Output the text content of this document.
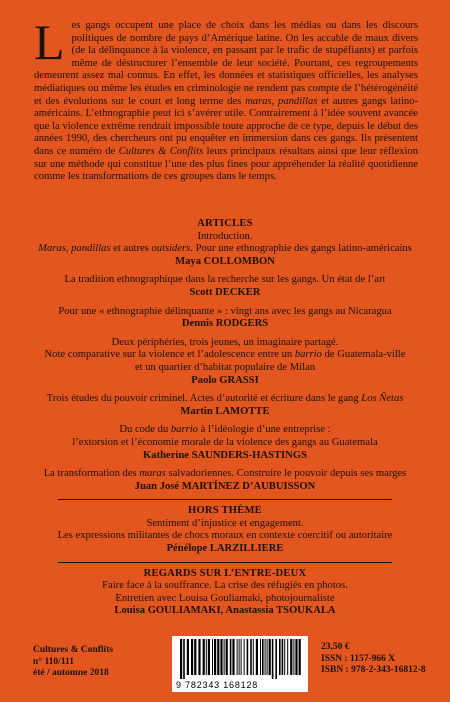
L es gangs occupent une place de choix dans les médias ou dans les discours politiques de nombre de pays d’Amérique latine. On les accable de maux divers (de la délinquance à la violence, en passant par le trafic de stupéfiants) et parfois même de déstructurer l’ensemble de leur société. Pourtant, ces regroupements demeurent assez mal connus. En effet, les données et statistiques officielles, les analyses médiatiques ou même les études en criminologie ne rendent pas compte de l’hétérogénéité et des évolutions sur le court et long terme des maras, pandillas et autres gangs latino-américains. L’ethnographie peut ici s’avérer utile. Contrairement à l’idée souvent avancée que la violence extrême rendrait impossible toute approche de ce type, depuis le début des années 1990, des chercheurs ont pu enquêter en immersion dans ces gangs. Ils présentent dans ce numéro de Cultures & Conflits leurs principaux résultats ainsi que leur réflexion sur une méthode qui constitue l’une des plus fines pour appréhender la réalité quotidienne comme les transformations de ces groupes dans le temps.

ARTICLES

Introduction.
Maras, pandillas et autres outsiders. Pour une ethnographie des gangs latino-américains
Maya COLLOMBON
La tradition ethnographique dans la recherche sur les gangs. Un état de l’art
Scott DECKER
Pour une « ethnographie délinquante » : vingt ans avec les gangs au Nicaragua
Dennis RODGERS
Deux périphéries, trois jeunes, un imaginaire partagé.
Note comparative sur la violence et l’adolescence entre un barrio de Guatemala-ville
et un quartier d’habitat populaire de Milan
Paolo GRASSI
Trois études du pouvoir criminel. Actes d’autorité et écriture dans le gang Los Ñetas
Martin LAMOTTE
Du code du barrio à l’idéologie d’une entreprise :
l’extorsion et l’économie morale de la violence des gangs au Guatemala
Katherine SAUNDERS-HASTINGS
La transformation des maras salvadoriennes. Construire le pouvoir depuis ses marges
Juan José MARTÍNEZ D’AUBUISSON

HORS THÈME

Sentiment d’injustice et engagement.
Les expressions militantes de chocs moraux en contexte coercitif ou autoritaire
Pénélope LARZILLIERE

REGARDS SUR L’ENTRE-DEUX

Faire face à la souffrance. La crise des réfugiés en photos.
Entretien avec Louisa Gouliamaki, photojournaliste
Louisa GOULIAMAKI, Anastassia TSOUKALA
Cultures & Conflits
n° 110/111
été / automne 2018
9 782343 168128
23,50 €
ISSN : 1157-966 X
ISBN : 978-2-343-16812-8
